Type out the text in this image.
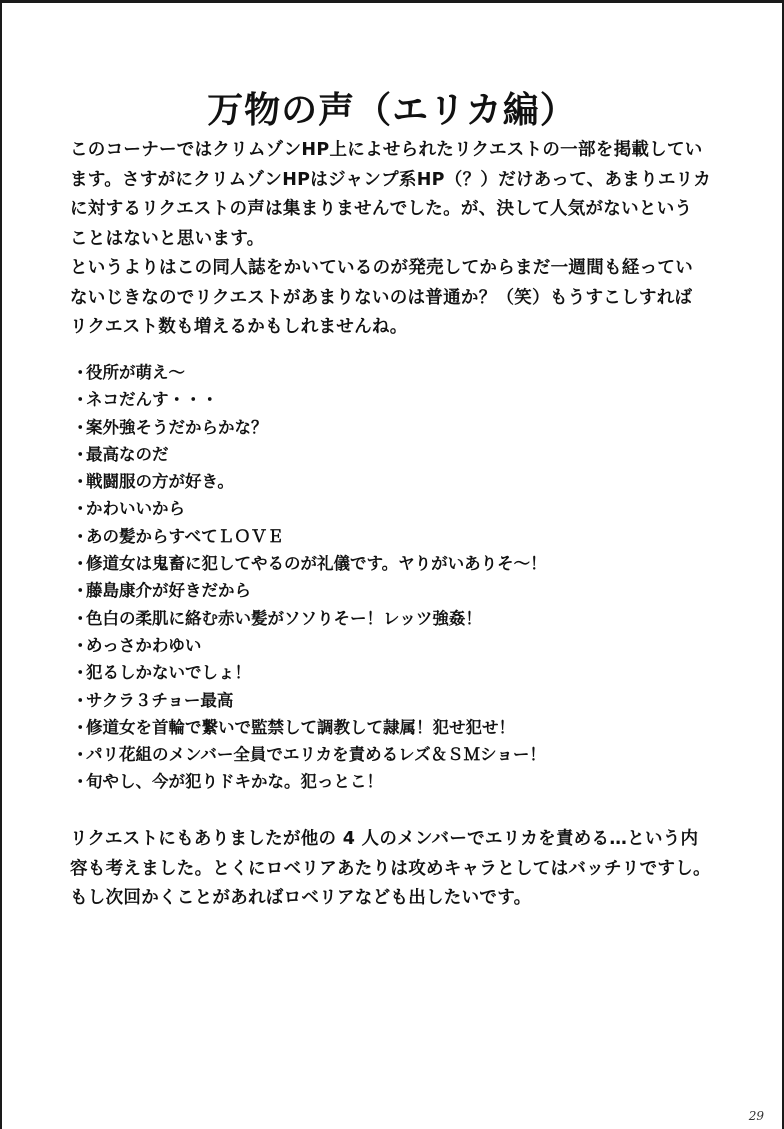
万物の声（エリカ編）

このコーナーではクリムゾンHP上によせられたリクエストの一部を掲載してい

ます。さすがにクリムゾンHPはジャンプ系HP（？）だけあって、あまりエリカ

に対するリクエストの声は集まりませんでした。が、決して人気がないという

ことはないと思います。

というよりはこの同人誌をかいているのが発売してからまだ一週間も経ってい

ないじきなのでリクエストがあまりないのは普通か？（笑）もうすこしすれば

リクエスト数も増えるかもしれませんね。

・役所が萌え～
・ネコだんす・・・
・案外強そうだからかな？
・最高なのだ
・戦闘服の方が好き。
・かわいいから
・あの髪からすべてＬＯＶＥ
・修道女は鬼畜に犯してやるのが礼儀です。ヤりがいありそ～！
・藤島康介が好きだから
・色白の柔肌に絡む赤い髪がソソりそー！レッツ強姦！
・めっさかわゆい
・犯るしかないでしょ！
・サクラ３チョー最高
・修道女を首輪で繋いで監禁して調教して隷属！犯せ犯せ！
・パリ花組のメンバー全員でエリカを責めるレズ＆ＳＭショー！
・旬やし、今が犯りドキかな。犯っとこ！

リクエストにもありましたが他の 4 人のメンバーでエリカを責める…という内

容も考えました。とくにロベリアあたりは攻めキャラとしてはバッチリですし。

もし次回かくことがあればロベリアなども出したいです。

29
